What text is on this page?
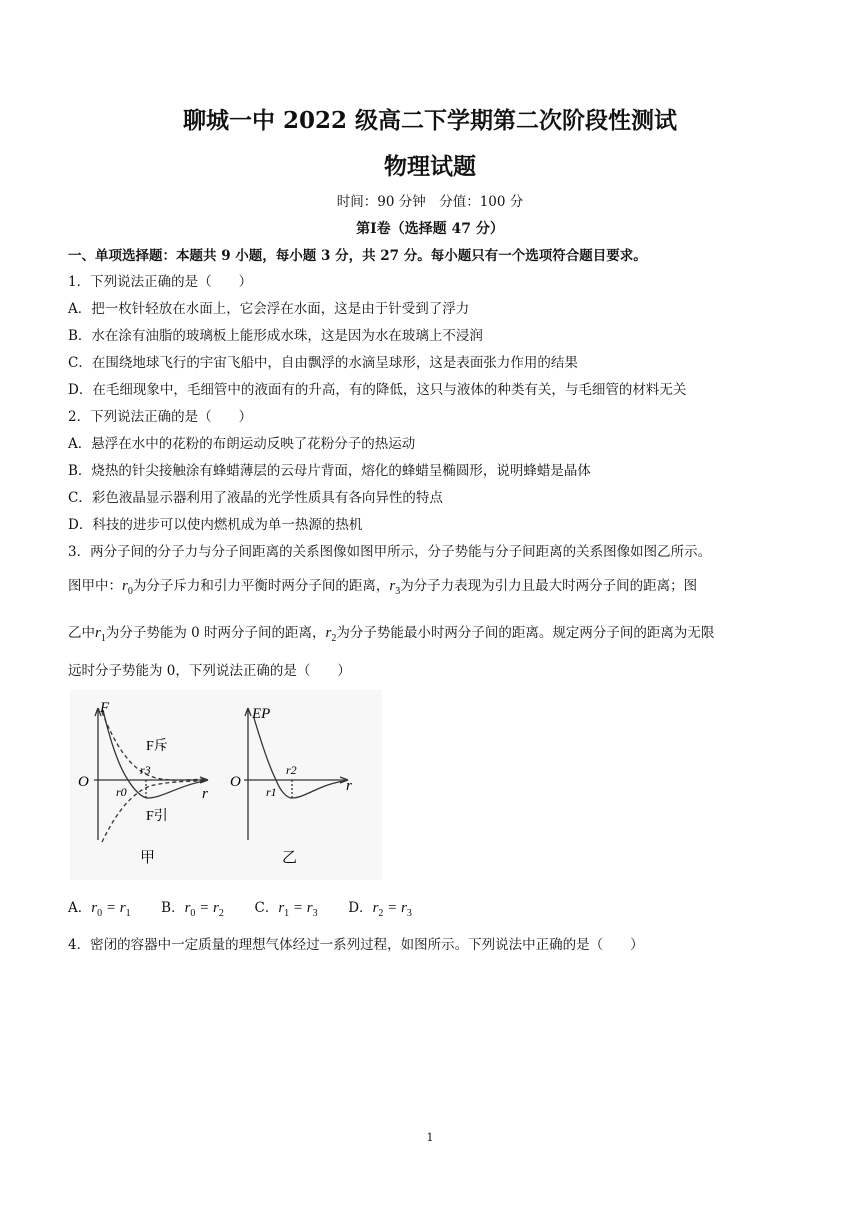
聊城一中 2022 级高二下学期第二次阶段性测试
物理试题
时间：90 分钟　分值：100 分
第Ⅰ卷（选择题 47 分）
一、单项选择题：本题共 9 小题，每小题 3 分，共 27 分。每小题只有一个选项符合题目要求。
1．下列说法正确的是（　　）
A．把一枚针轻放在水面上，它会浮在水面，这是由于针受到了浮力
B．水在涂有油脂的玻璃板上能形成水珠，这是因为水在玻璃上不浸润
C．在围绕地球飞行的宇宙飞船中，自由飘浮的水滴呈球形，这是表面张力作用的结果
D．在毛细现象中，毛细管中的液面有的升高，有的降低，这只与液体的种类有关，与毛细管的材料无关
2．下列说法正确的是（　　）
A．悬浮在水中的花粉的布朗运动反映了花粉分子的热运动
B．烧热的针尖接触涂有蜂蜡薄层的云母片背面，熔化的蜂蜡呈椭圆形，说明蜂蜡是晶体
C．彩色液晶显示器利用了液晶的光学性质具有各向异性的特点
D．科技的进步可以使内燃机成为单一热源的热机
3．两分子间的分子力与分子间距离的关系图像如图甲所示，分子势能与分子间距离的关系图像如图乙所示。
图甲中：$r_0$为分子斥力和引力平衡时两分子间的距离，$r_3$为分子力表现为引力且最大时两分子间的距离；图
乙中$r_1$为分子势能为 0 时两分子间的距离，$r_2$为分子势能最小时两分子间的距离。规定两分子间的距离为无限
远时分子势能为 0，下列说法正确的是（　　）
F
O
r
F斥
F引
r0
r3
甲
EP
O	r
r1
r2
乙
A．$r_0 = r_1$ B．$r_0 = r_2$ C．$r_1 = r_3$ D．$r_2 = r_3$
4．密闭的容器中一定质量的理想气体经过一系列过程，如图所示。下列说法中正确的是（　　）
1
